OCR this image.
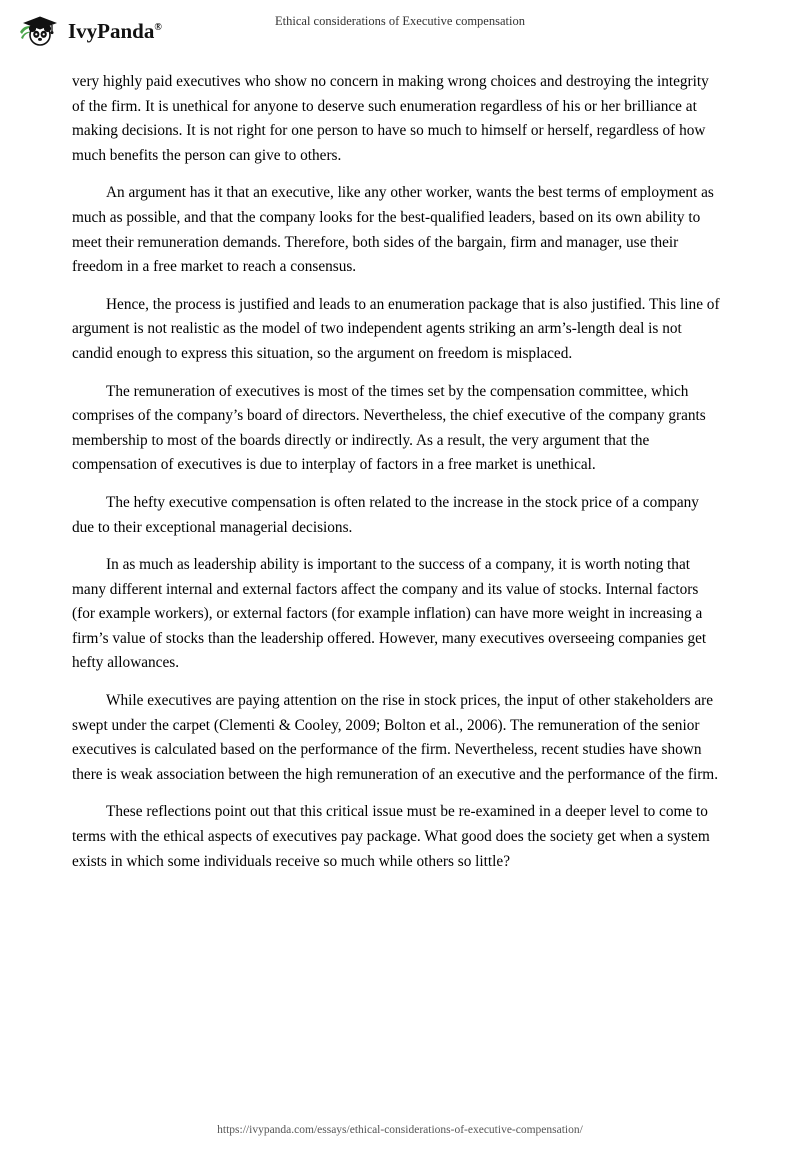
IvyPanda®	Ethical considerations of Executive compensation

very highly paid executives who show no concern in making wrong choices and destroying the integrity of the firm. It is unethical for anyone to deserve such enumeration regardless of his or her brilliance at making decisions. It is not right for one person to have so much to himself or herself, regardless of how much benefits the person can give to others.

An argument has it that an executive, like any other worker, wants the best terms of employment as much as possible, and that the company looks for the best-qualified leaders, based on its own ability to meet their remuneration demands. Therefore, both sides of the bargain, firm and manager, use their freedom in a free market to reach a consensus.

Hence, the process is justified and leads to an enumeration package that is also justified. This line of argument is not realistic as the model of two independent agents striking an arm’s-length deal is not candid enough to express this situation, so the argument on freedom is misplaced.

The remuneration of executives is most of the times set by the compensation committee, which comprises of the company’s board of directors. Nevertheless, the chief executive of the company grants membership to most of the boards directly or indirectly. As a result, the very argument that the compensation of executives is due to interplay of factors in a free market is unethical.

The hefty executive compensation is often related to the increase in the stock price of a company due to their exceptional managerial decisions.

In as much as leadership ability is important to the success of a company, it is worth noting that many different internal and external factors affect the company and its value of stocks. Internal factors (for example workers), or external factors (for example inflation) can have more weight in increasing a firm’s value of stocks than the leadership offered. However, many executives overseeing companies get hefty allowances.

While executives are paying attention on the rise in stock prices, the input of other stakeholders are swept under the carpet (Clementi & Cooley, 2009; Bolton et al., 2006). The remuneration of the senior executives is calculated based on the performance of the firm. Nevertheless, recent studies have shown there is weak association between the high remuneration of an executive and the performance of the firm.

These reflections point out that this critical issue must be re-examined in a deeper level to come to terms with the ethical aspects of executives pay package. What good does the society get when a system exists in which some individuals receive so much while others so little?

https://ivypanda.com/essays/ethical-considerations-of-executive-compensation/
